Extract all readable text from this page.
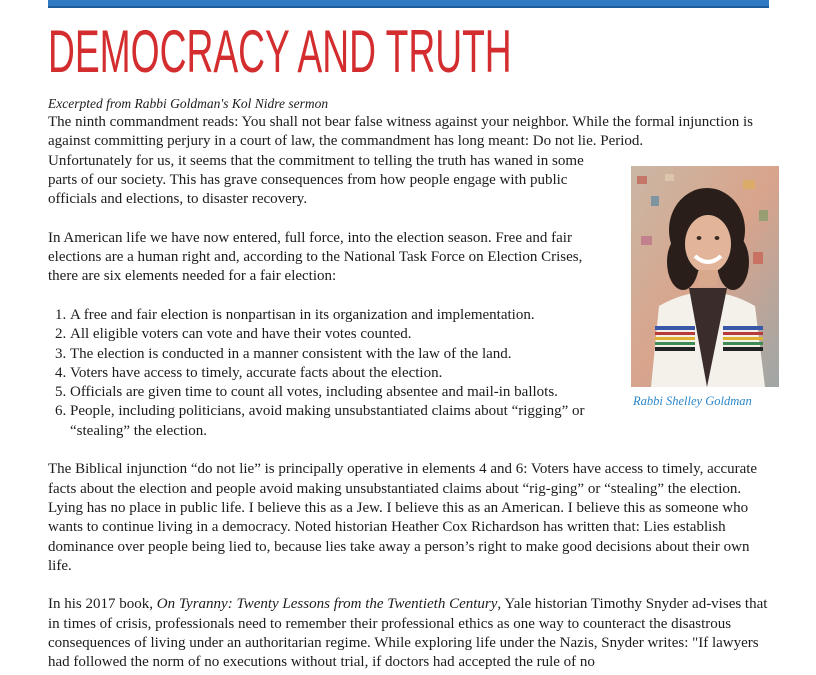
DEMOCRACY AND TRUTH
Excerpted from Rabbi Goldman's Kol Nidre sermon

The ninth commandment reads: You shall not bear false witness against your neighbor. While the formal injunction is against committing perjury in a court of law, the commandment has long meant: Do not lie. Period.

Unfortunately for us, it seems that the commitment to telling the truth has waned in some parts of our society. This has grave consequences from how people engage with public officials and elections, to disaster recovery.

In American life we have now entered, full force, into the election season. Free and fair elections are a human right and, according to the National Task Force on Election Crises, there are six elements needed for a fair election:

1. A free and fair election is nonpartisan in its organization and implementation.
2. All eligible voters can vote and have their votes counted.
3. The election is conducted in a manner consistent with the law of the land.
4. Voters have access to timely, accurate facts about the election.
5. Officials are given time to count all votes, including absentee and mail-in ballots.
6. People, including politicians, avoid making unsubstantiated claims about “rigging” or “stealing” the election.

The Biblical injunction “do not lie” is principally operative in elements 4 and 6: Voters have access to timely, accurate facts about the election and people avoid making unsubstantiated claims about “rig-ging” or “stealing” the election. Lying has no place in public life. I believe this as a Jew. I believe this as an American. I believe this as someone who wants to continue living in a democracy. Noted historian Heather Cox Richardson has written that: Lies establish dominance over people being lied to, because lies take away a person’s right to make good decisions about their own life.

In his 2017 book, On Tyranny: Twenty Lessons from the Twentieth Century, Yale historian Timothy Snyder ad-vises that in times of crisis, professionals need to remember their professional ethics as one way to counteract the disastrous consequences of living under an authoritarian regime. While exploring life under the Nazis, Snyder writes: "If lawyers had followed the norm of no executions without trial, if doctors had accepted the rule of no

Rabbi Shelley Goldman
